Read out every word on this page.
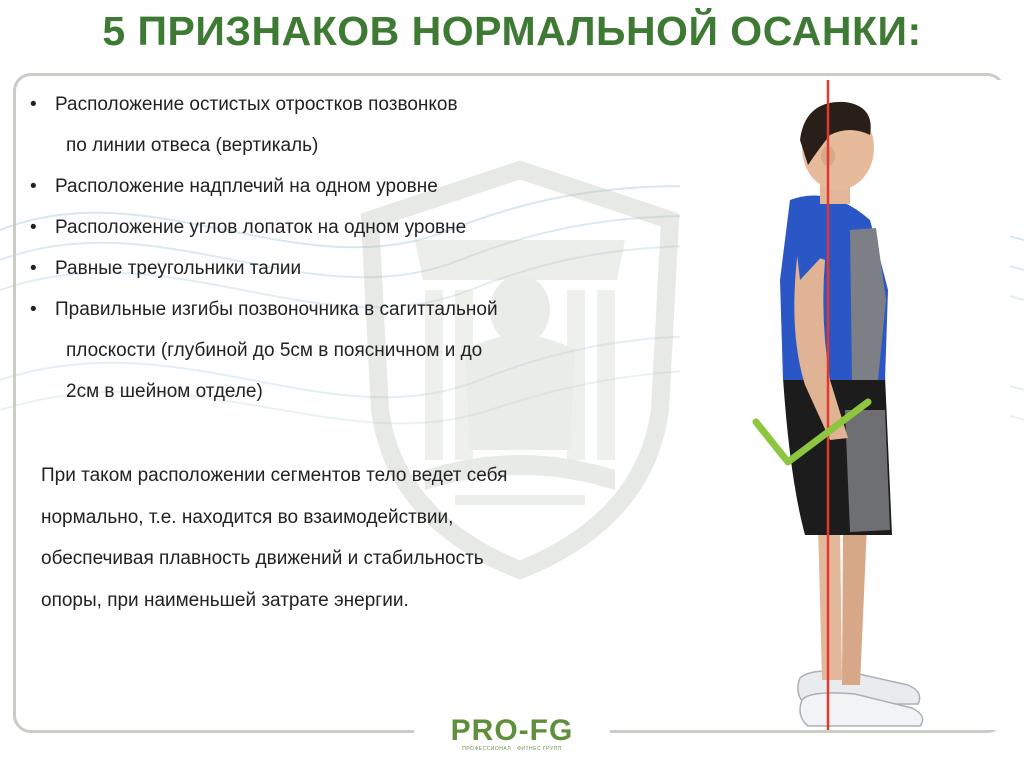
5 ПРИЗНАКОВ НОРМАЛЬНОЙ ОСАНКИ:
• Расположение остистых отростков позвонков
по линии отвеса (вертикаль)
• Расположение надплечий на одном уровне
• Расположение углов лопаток на одном уровне
• Равные треугольники талии
• Правильные изгибы позвоночника в сагиттальной
плоскости (глубиной до 5см в поясничном и до
2см в шейном отделе)
При таком расположении сегментов тело ведет себя
нормально, т.е. находится во взаимодействии,
обеспечивая плавность движений и стабильность
опоры, при наименьшей затрате энергии.
PRO-FG
ПРОФЕССИОНАЛ · ФИТНЕС ГРУПП
